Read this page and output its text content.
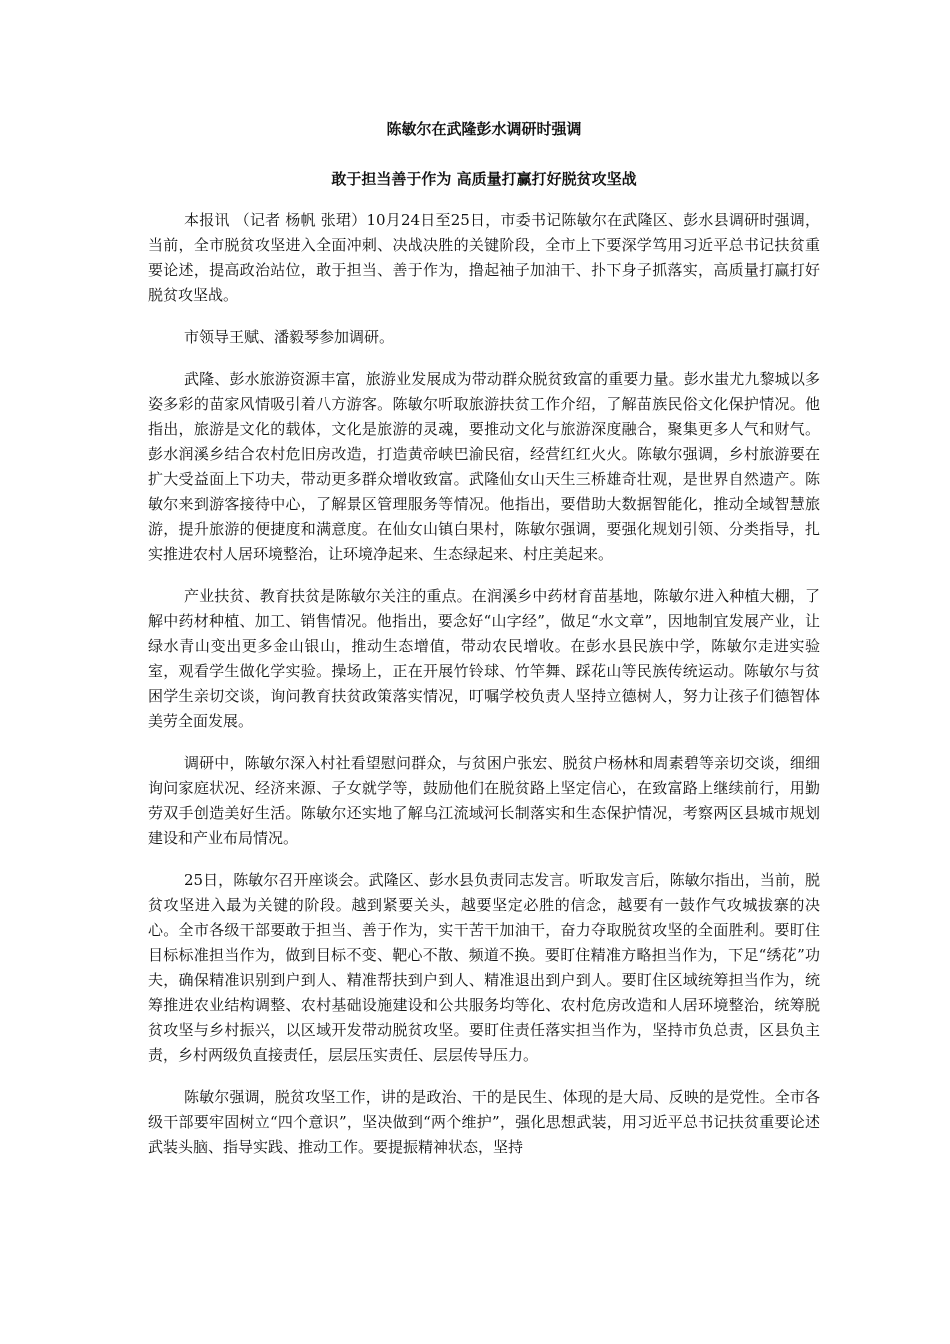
陈敏尔在武隆彭水调研时强调
敢于担当善于作为 高质量打赢打好脱贫攻坚战

本报讯 （记者 杨帆 张珺）10月24日至25日，市委书记陈敏尔在武隆区、彭水县调研时强调，当前，全市脱贫攻坚进入全面冲刺、决战决胜的关键阶段，全市上下要深学笃用习近平总书记扶贫重要论述，提高政治站位，敢于担当、善于作为，撸起袖子加油干、扑下身子抓落实，高质量打赢打好脱贫攻坚战。

市领导王赋、潘毅琴参加调研。

武隆、彭水旅游资源丰富，旅游业发展成为带动群众脱贫致富的重要力量。彭水蚩尤九黎城以多姿多彩的苗家风情吸引着八方游客。陈敏尔听取旅游扶贫工作介绍，了解苗族民俗文化保护情况。他指出，旅游是文化的载体，文化是旅游的灵魂，要推动文化与旅游深度融合，聚集更多人气和财气。彭水润溪乡结合农村危旧房改造，打造黄帝峡巴渝民宿，经营红红火火。陈敏尔强调，乡村旅游要在扩大受益面上下功夫，带动更多群众增收致富。武隆仙女山天生三桥雄奇壮观，是世界自然遗产。陈敏尔来到游客接待中心，了解景区管理服务等情况。他指出，要借助大数据智能化，推动全域智慧旅游，提升旅游的便捷度和满意度。在仙女山镇白果村，陈敏尔强调，要强化规划引领、分类指导，扎实推进农村人居环境整治，让环境净起来、生态绿起来、村庄美起来。

产业扶贫、教育扶贫是陈敏尔关注的重点。在润溪乡中药材育苗基地，陈敏尔进入种植大棚，了解中药材种植、加工、销售情况。他指出，要念好“山字经”，做足“水文章”，因地制宜发展产业，让绿水青山变出更多金山银山，推动生态增值，带动农民增收。在彭水县民族中学，陈敏尔走进实验室，观看学生做化学实验。操场上，正在开展竹铃球、竹竿舞、踩花山等民族传统运动。陈敏尔与贫困学生亲切交谈，询问教育扶贫政策落实情况，叮嘱学校负责人坚持立德树人，努力让孩子们德智体美劳全面发展。

调研中，陈敏尔深入村社看望慰问群众，与贫困户张宏、脱贫户杨林和周素碧等亲切交谈，细细询问家庭状况、经济来源、子女就学等，鼓励他们在脱贫路上坚定信心，在致富路上继续前行，用勤劳双手创造美好生活。陈敏尔还实地了解乌江流域河长制落实和生态保护情况，考察两区县城市规划建设和产业布局情况。

25日，陈敏尔召开座谈会。武隆区、彭水县负责同志发言。听取发言后，陈敏尔指出，当前，脱贫攻坚进入最为关键的阶段。越到紧要关头，越要坚定必胜的信念，越要有一鼓作气攻城拔寨的决心。全市各级干部要敢于担当、善于作为，实干苦干加油干，奋力夺取脱贫攻坚的全面胜利。要盯住目标标准担当作为，做到目标不变、靶心不散、频道不换。要盯住精准方略担当作为，下足“绣花”功夫，确保精准识别到户到人、精准帮扶到户到人、精准退出到户到人。要盯住区域统筹担当作为，统筹推进农业结构调整、农村基础设施建设和公共服务均等化、农村危房改造和人居环境整治，统筹脱贫攻坚与乡村振兴，以区域开发带动脱贫攻坚。要盯住责任落实担当作为，坚持市负总责，区县负主责，乡村两级负直接责任，层层压实责任、层层传导压力。

陈敏尔强调，脱贫攻坚工作，讲的是政治、干的是民生、体现的是大局、反映的是党性。全市各级干部要牢固树立“四个意识”，坚决做到“两个维护”，强化思想武装，用习近平总书记扶贫重要论述武装头脑、指导实践、推动工作。要提振精神状态，坚持
